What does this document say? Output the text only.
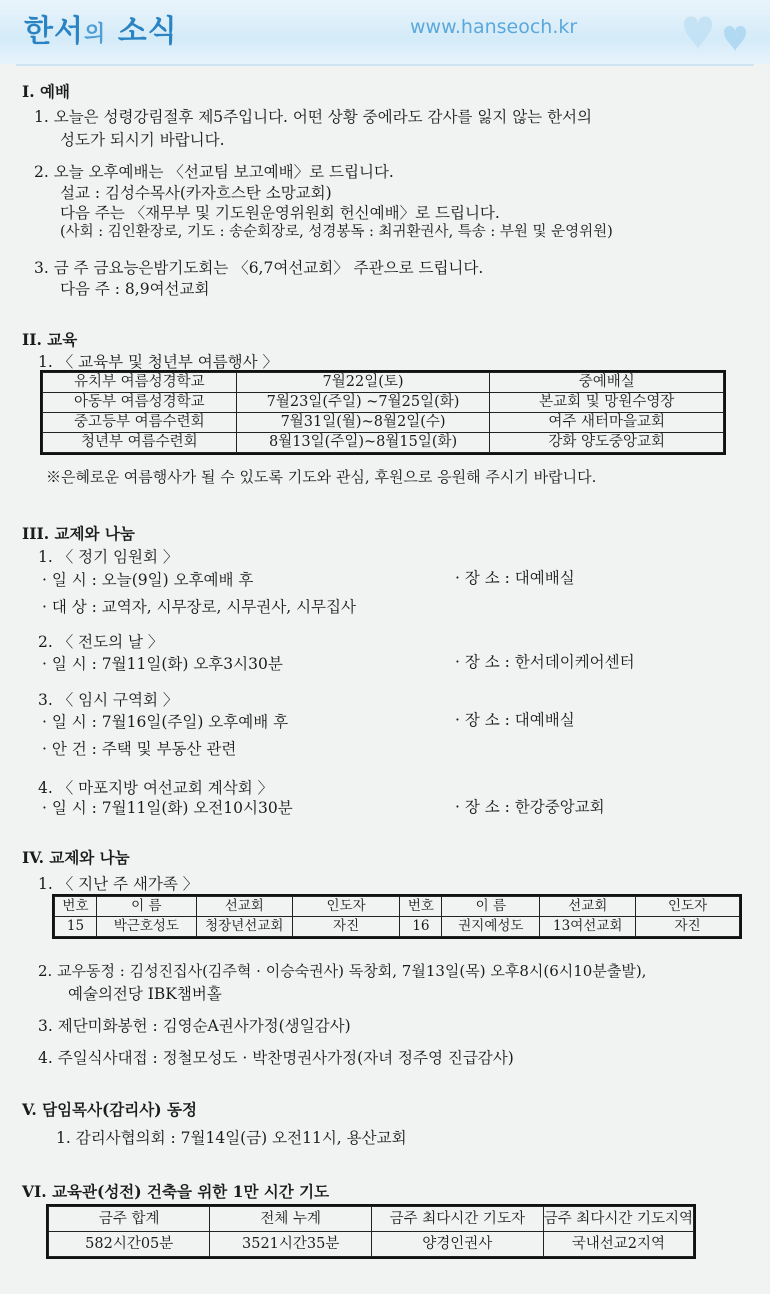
한서의 소식	www.hanseoch.kr
I. 예배
1. 오늘은 성령강림절후 제5주입니다. 어떤 상황 중에라도 감사를 잃지 않는 한서의
성도가 되시기 바랍니다.
2. 오늘 오후예배는 〈선교팀 보고예배〉로 드립니다.
설교 : 김성수목사(카자흐스탄 소망교회)
다음 주는 〈재무부 및 기도원운영위원회 헌신예배〉로 드립니다.
(사회 : 김인환장로, 기도 : 송순회장로, 성경봉독 : 최귀환권사, 특송 : 부원 및 운영위원)
3. 금 주 금요능은밤기도회는 〈6,7여선교회〉 주관으로 드립니다.
다음 주 : 8,9여선교회
II. 교육
1. 〈 교육부 및 청년부 여름행사 〉
유치부 여름성경학교	7월22일(토)	중예배실
아동부 여름성경학교	7월23일(주일) ~7월25일(화)	본교회 및 망원수영장
중고등부 여름수련회	7월31일(월)~8월2일(수)	여주 새터마을교회
청년부 여름수련회	8월13일(주일)~8월15일(화)	강화 양도중앙교회
※은혜로운 여름행사가 될 수 있도록 기도와 관심, 후원으로 응원해 주시기 바랍니다.
III. 교제와 나눔
1. 〈 정기 임원회 〉
· 일 시 : 오늘(9일) 오후예배 후	· 장 소 : 대예배실
· 대 상 : 교역자, 시무장로, 시무권사, 시무집사
2. 〈 전도의 날 〉
· 일 시 : 7월11일(화) 오후3시30분	· 장 소 : 한서데이케어센터
3. 〈 임시 구역회 〉
· 일 시 : 7월16일(주일) 오후예배 후	· 장 소 : 대예배실
· 안 건 : 주택 및 부동산 관련
4. 〈 마포지방 여선교회 계삭회 〉
· 일 시 : 7월11일(화) 오전10시30분	· 장 소 : 한강중앙교회
IV. 교제와 나눔
1. 〈 지난 주 새가족 〉
번호	이 름	선교회	인도자	번호	이 름	선교회	인도자
15	박근호성도	청장년선교회	자진	16	권지예성도	13여선교회	자진
2. 교우동정 : 김성진집사(김주혁 · 이승숙권사) 독창회, 7월13일(목) 오후8시(6시10분출발),
예술의전당 IBK챔버홀
3. 제단미화봉헌 : 김영순A권사가정(생일감사)
4. 주일식사대접 : 정철모성도 · 박찬명권사가정(자녀 정주영 진급감사)
V. 담임목사(감리사) 동정
1. 감리사협의회 : 7월14일(금) 오전11시, 용산교회
VI. 교육관(성전) 건축을 위한 1만 시간 기도
금주 합계	전체 누계	금주 최다시간 기도자	금주 최다시간 기도지역
582시간05분	3521시간35분	양경인권사	국내선교2지역
